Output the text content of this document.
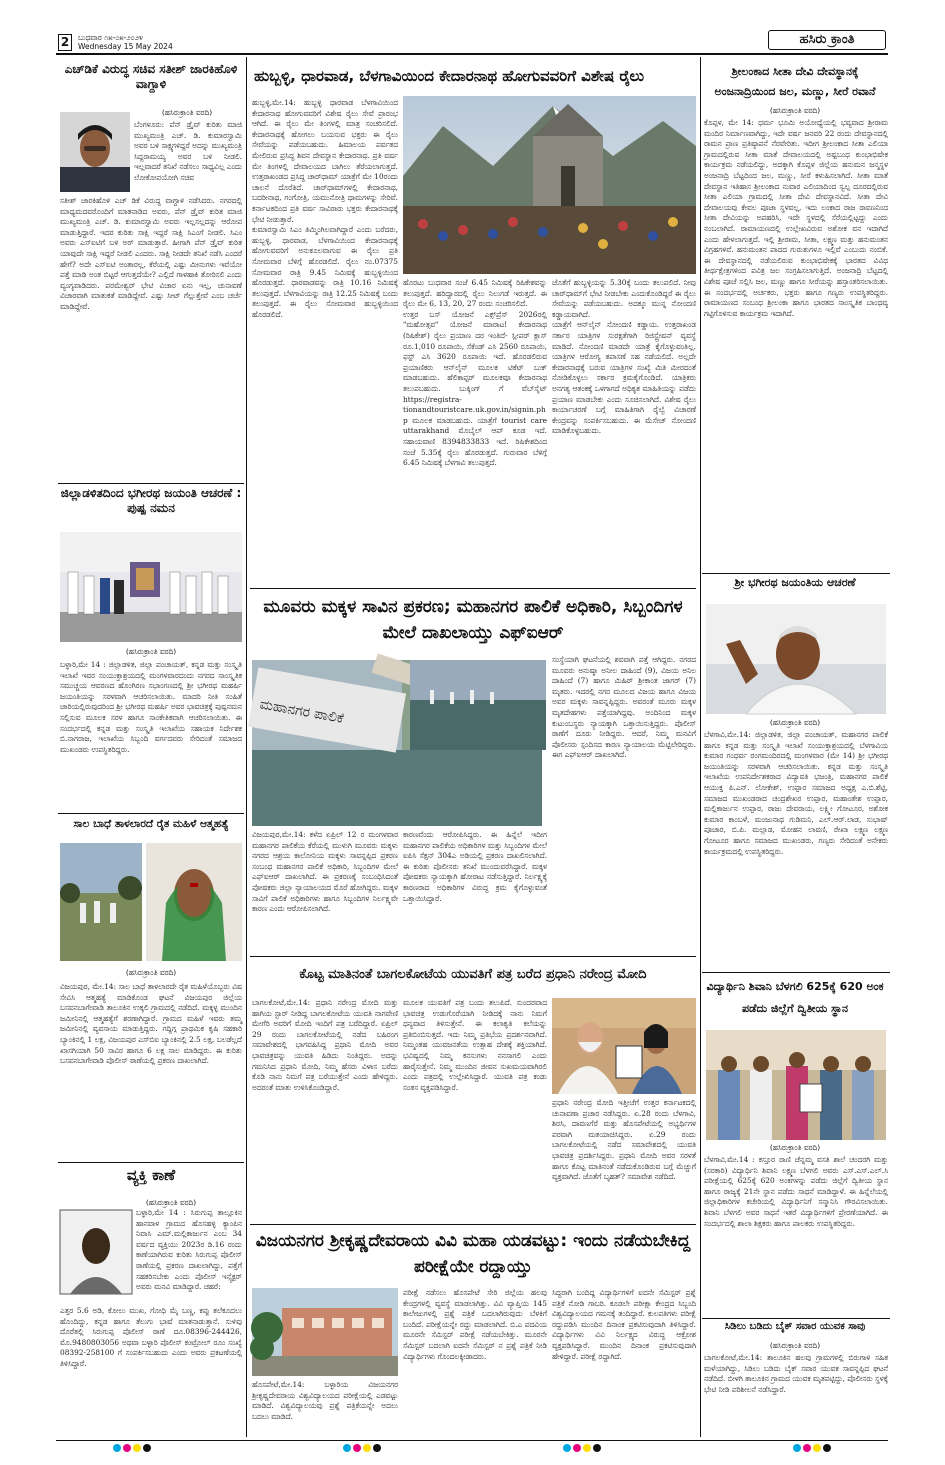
2	ಬುಧವಾರ ೧೫-೦೫-೨೦೨೪
Wednesday 15 May 2024	ಹಸಿರು ಕ್ರಾಂತಿ
ಎಚ್‌ಡಿಕೆ ವಿರುದ್ಧ ಸಚಿವ ಸತೀಶ್ ಜಾರಕಿಹೊಳಿ ವಾಗ್ದಾಳಿ
(ಹಸಿರುಕ್ರಾಂತಿ ವರದಿ)
ಬೆಂಗಳೂರು: ಪೆನ್ ಡ್ರೈವ್ ಕುರಿತು ಮಾಜಿ ಮುಖ್ಯಮಂತ್ರಿ ಎಚ್. ಡಿ. ಕುಮಾರಸ್ವಾಮಿ ಅವರ ಬಳಿ ಸಾಕ್ಷ್ಯಗಳಿದ್ದರೆ ಅದನ್ನು ಮುಖ್ಯಮಂತ್ರಿ ಸಿದ್ದರಾಮಯ್ಯ ಅವರ ಬಳಿ ನೀಡಲಿ. ಇಲ್ಲವಾದರೆ ತನಿಖೆ ನಡೆಸಲು ಸಾಧ್ಯವಿಲ್ಲ ಎಂದು ಲೋಕೋಪಯೋಗಿ ಸಚಿವ
ಸತೀಶ್ ಜಾರಕಿಹೊಳಿ ಎಚ್ ಡಿಕೆ ವಿರುದ್ಧ ವಾಗ್ದಾಳಿ ನಡೆಸಿದರು. ನಗರದಲ್ಲಿ ಮಾಧ್ಯಮದವರೊಂದಿಗೆ ಮಾತನಾಡಿದ ಅವರು, ಪೆನ್ ಡ್ರೈವ್ ಕುರಿತ ಮಾಜಿ ಮುಖ್ಯಮಂತ್ರಿ ಎಚ್. ಡಿ. ಕುಮಾರಸ್ವಾಮಿ ಅವರು ಇಲ್ಲಸಲ್ಲದನ್ನು ಆರೋಪ ಮಾಡುತ್ತಿದ್ದಾರೆ. ಇದರ ಕುರಿತು ಸಾಕ್ಷಿ ಇದ್ದರೆ ಸಾಕ್ಷಿ ಸಿಎಂಗೆ ನೀಡಲಿ. ಸಿಎಂ ಅವರು ಎಸ್ಐಟಿಗೆ ಬಳಿ ಅರ್ ಮಾಡುತ್ತಾರೆ. ಹೀಗಾಗಿ ಪೆನ್ ಡ್ರೈವ್ ಕುರಿತ ಯಾವುದೇ ಸಾಕ್ಷಿ ಇದ್ದರೆ ನೀಡಲಿ ಎಂದರು. ಸಾಕ್ಷಿ ನೀಡದೇ ತನಿಖೆ ನಡೆಸಿ ಎಂದರೆ ಹೇಗೆ? ಅದೇ ಎಸ್ಐಟಿ ಅಂತಾರಲ್ಲ, ಕೆರೆಯಲ್ಲಿ ಎಷ್ಟು ಮೀನುಗಳು ಇವೆಯೋ ಪತ್ತೆ ಮಾಡಿ ಅಂತ ಬಿಟ್ಟರೆ ಆಗುತ್ತದೆಯೇ? ಎಲ್ಲಿದೆ ಗಾಳಹಾಕಿ ತೋರಿಸಲಿ ಎಂದು ವ್ಯಂಗ್ಯವಾಡಿದರು. ಪರಮೇಶ್ವರ್ ಭೇಟಿ ವಿಚಾರ ಏನು ಇಲ್ಲ, ಚುನಾವಣೆ ವಿಚಾರವಾಗಿ ಮಾತುಕತೆ ಮಾಡಿದ್ದೇವೆ. ಎಷ್ಟು ಸೀಟ್ ಗೆಲ್ಲುತ್ತೇವೆ ಎಂಬ ಚರ್ಚೆ ಮಾಡಿದ್ದೇವೆ.
ಜಿಲ್ಲಾಡಳಿತದಿಂದ ಭಗೀರಥ ಜಯಂತಿ ಆಚರಣೆ : ಪುಷ್ಪ ನಮನ
(ಹಸಿರುಕ್ರಾಂತಿ ವರದಿ)
ಬಳ್ಳಾರಿ,ಮೇ 14 : ಜಿಲ್ಲಾಡಳಿತ, ಜಿಲ್ಲಾ ಪಂಚಾಯತ್, ಕನ್ನಡ ಮತ್ತು ಸಂಸ್ಕೃತಿ ಇಲಾಖೆ ಇವರ ಸಂಯುಕ್ತಾಶ್ರಯದಲ್ಲಿ ಮಂಗಳವಾರದಂದು ನಗರದ ಸಾಂಸ್ಕೃತಿಕ ಸಮುಚ್ಚಯ ಆವರಣದ ಹೊಂಗಿರಣ ಸಭಾಂಗಣದಲ್ಲಿ ಶ್ರೀ ಭಗೀರಥ ಮಹರ್ಷಿ ಜಯಂತಿಯನ್ನು ಸರಳವಾಗಿ ಆಚರಿಸಲಾಯಿತು. ಮಾದರಿ ನೀತಿ ಸಂಹಿತೆ ಜಾರಿಯಲ್ಲಿರುವುದರಿಂದ ಶ್ರೀ ಭಗೀರಥ ಮಹರ್ಷಿ ಅವರ ಭಾವಚಿತ್ರಕ್ಕೆ ಪುಷ್ಪನಮನ ಸಲ್ಲಿಸುವ ಮೂಲಕ ಸರಳ ಹಾಗೂ ಸಾಂಕೇತಿಕವಾಗಿ ಆಚರಿಸಲಾಯಿತು. ಈ ಸಂದರ್ಭದಲ್ಲಿ ಕನ್ನಡ ಮತ್ತು ಸಂಸ್ಕೃತಿ ಇಲಾಖೆಯ ಸಹಾಯಕ ನಿರ್ದೇಶಕ ಬಿ.ನಾಗರಾಜ, ಇಲಾಖೆಯ ಸಿಬ್ಬಂದಿ ವರ್ಗದವರು ಸೇರಿದಂತೆ ಸಮಾಜದ ಮುಖಂಡರು ಉಪಸ್ಥಿತರಿದ್ದರು.
ಸಾಲ ಬಾಧೆ ತಾಳಲಾರದೆ ರೈತ ಮಹಿಳೆ ಆತ್ಮಹತ್ಯೆ
(ಹಸಿರುಕ್ರಾಂತಿ ವರದಿ)
ವಿಜಯಪುರ, ಮೇ.14: ಸಾಲ ಬಾಧೆ ತಾಳಲಾರದೇ ರೈತ ಮಹಿಳೆಯೊಬ್ಬರು ವಿಷ ಸೇವಿಸಿ ಆತ್ಮಹತ್ಯೆ ಮಾಡಿಕೊಂಡ ಘಟನೆ ವಿಜಯಪುರ ಜಿಲ್ಲೆಯ ಬಸವನಬಾಗೇವಾಡಿ ತಾಲೂಕಿನ ಉಕ್ಕಲಿ ಗ್ರಾಮದಲ್ಲಿ ನಡೆದಿದೆ. ಮಕ್ಕಳ್ಳ ಮುಂದಿನ ಜಮೀನಿನಲ್ಲಿ ಆತ್ಮಹತ್ಯೆಗೆ ಶರಣಾಗಿದ್ದಾರೆ. ಗ್ರಾಮದ ಮಹಿಳೆ ಇವರು ತಮ್ಮ ಜಮೀನಿನಲ್ಲಿ ವ್ಯವಸಾಯ ಮಾಡುತ್ತಿದ್ದರು. ಗದ್ದಿಗ್ಗ ಪ್ರಾಥಮಿಕ ಕೃಷಿ ಸಹಕಾರಿ ಬ್ಯಾಂಕಿನಲ್ಲಿ 1 ಲಕ್ಷ, ವಿಜಯಪುರ ಎಸ್‌ಬಿಐ ಬ್ಯಾಂಕಿನಲ್ಲಿ 2.5 ಲಕ್ಷ, ಬಲಡೆಲ್ಲದೆ ಖಾಸಗಿಯಾಗಿ 50 ಸಾವಿರ ಹಾಗೂ 6 ಲಕ್ಷ ಸಾಲ ಮಾಡಿದ್ದರು. ಈ ಕುರಿತು ಬಸವನಬಾಗೇವಾಡಿ ಪೊಲೀಸ್ ಠಾಣೆಯಲ್ಲಿ ಪ್ರಕರಣ ದಾಖಲಾಗಿದೆ.
ವ್ಯಕ್ತಿ ಕಾಣೆ
(ಹಸಿರುಕ್ರಾಂತಿ ವರದಿ)
ಬಳ್ಳಾರಿ,ಮೇ 14 : ಸಿರುಗುಪ್ಪ ತಾಲ್ಲೂಕಿನ ಹಾನವಾಳ ಗ್ರಾಮದ ಹೊಸಹಳ್ಳಿ ಕ್ಯಾಂಪಿನ ನಿವಾಸಿ ಎಮ್.ಮಲ್ಲಿಕಾರ್ಜುನ ಎಂಬ 34 ವರ್ಷದ ವ್ಯಕ್ತಿಯು 2023ರ ಡಿ.16 ರಂದು ಕಾಣೆಯಾಗಿರುವ ಕುರಿತು ಸಿರುಗುಪ್ಪ ಪೊಲೀಸ್ ಠಾಣೆಯಲ್ಲಿ ಪ್ರಕರಣ ದಾಖಲಾಗಿದ್ದು, ಪತ್ತೆಗೆ ಸಹಕರಿಸಬೇಕು ಎಂದು ಪೊಲೀಸ್ ಇನ್ಸ್ಪೆಕ್ಟರ್ ಅವರು ಮನವಿ ಮಾಡಿದ್ದಾರೆ. ಚಹರೆ:
ಎತ್ತರ 5.6 ಅಡಿ, ಕೋಲು ಮುಖ, ಗೋಧಿ ಮೈ ಬಣ್ಣ, ಕಪ್ಪು ತಲೆಕೂದಲು ಹೊಂದಿದ್ದು, ಕನ್ನಡ ಹಾಗೂ ತೆಲುಗು ಭಾಷೆ ಮಾತನಾಡುತ್ತಾನೆ. ಸುಳಿವು ದೊರೆತಲ್ಲಿ ಸಿರುಗುಪ್ಪ ಪೊಲೀಸ್ ಠಾಣೆ ದೂ.08396-244426, ಮೊ.9480803056 ಅಥವಾ ಬಳ್ಳಾರಿ ಪೊಲೀಸ್ ಕಂಟ್ರೋಲ್ ರೂಂ ಸಂಖ್ಯೆ 08392-258100 ಗೆ ಸಂಪರ್ಕಿಸಬಹುದು ಎಂದು ಅವರು ಪ್ರಕಟಣೆಯಲ್ಲಿ ತಿಳಿಸಿದ್ದಾರೆ.
ಹುಬ್ಬಳ್ಳಿ, ಧಾರವಾಡ, ಬೆಳಗಾವಿಯಿಂದ ಕೇದಾರನಾಥ ಹೋಗುವವರಿಗೆ ವಿಶೇಷ ರೈಲು
ಹುಬ್ಬಳ್ಳಿ,ಮೇ.14: ಹುಬ್ಬಳ್ಳಿ ಧಾರವಾಡ ಬೆಳಗಾವಿಯಿಂದ ಕೇದಾರನಾಥ ಹೋಗುವವರಿಗೆ ವಿಶೇಷ ರೈಲು ಸೇವೆ ಪ್ರಾರಂಭ ಆಗಿದೆ. ಈ ರೈಲು ಮೇ ತಿಂಗಳಲ್ಲಿ ಮಾತ್ರ ಸಂಚರಿಸಲಿದೆ. ಕೇದಾರನಾಥಕ್ಕೆ ಹೋಗಲು ಬಯಸುವ ಭಕ್ತರು ಈ ರೈಲು ಸೇವೆಯನ್ನು ಪಡೆಯಬಹುದು. ಹಿಮಾಲಯ ಪರ್ವತದ ಮೇಲಿರುವ ಪ್ರಸಿದ್ಧ ಶಿವನ ದೇವಸ್ಥಾನ ಕೇದಾರನಾಥ. ಪ್ರತಿ ವರ್ಷ ಮೇ ತಿಂಗಳಲ್ಲಿ ದೇವಾಲಯದ ಬಾಗಿಲು ತೆರೆಯಲಾಗುತ್ತದೆ. ಉತ್ತರಾಖಂಡದ ಪ್ರಸಿದ್ಧ ಚಾರ್‌ಧಾಮ್ ಯಾತ್ರೆಗೆ ಮೇ 10ರಂದು ಚಾಲನೆ ದೊರೆತಿದೆ. ಚಾರ್‌ಧಾಮ್‌ಗಳಲ್ಲಿ ಕೇದಾರನಾಥ, ಬದರೀನಾಥ, ಗಂಗೋತ್ರಿ, ಯಮುನೋತ್ರಿ ಧಾಮಗಳನ್ನು ಸೇರಿವೆ. ಕರ್ನಾಟಕದಿಂದ ಪ್ರತಿ ವರ್ಷ ಸಾವಿರಾರು ಭಕ್ತರು ಕೇದಾರನಾಥಕ್ಕೆ ಭೇಟಿ ನೀಡುತ್ತಾರೆ.
ಕುಮಾರಸ್ವಾಮಿ ಸಿಎಂ ತಿಮ್ಮಿಂಗಿಲವಾಗಿದ್ದಾರೆ ಎಂದು ಬರೆದರು, ಹುಬ್ಬಳ್ಳಿ, ಧಾರವಾಡ, ಬೆಳಗಾವಿಯಿಂದ ಕೇದಾರನಾಥಕ್ಕೆ ಹೋಗುವವರಿಗೆ ಅನುಕೂಲವಾಗುವ ಈ ರೈಲು ಪ್ರತಿ ಸೋಮವಾರ ಬೆಳಿಗ್ಗೆ ಹೊರಡಲಿದೆ. ರೈಲು ನಂ.07375 ಸೋಮವಾರ ರಾತ್ರಿ 9.45 ನಿಮಿಷಕ್ಕೆ ಹುಬ್ಬಳ್ಳಿಯಿಂದ ಹೊರಡುತ್ತದೆ. ಧಾರವಾಡವನ್ನು ರಾತ್ರಿ 10.16 ನಿಮಿಷಕ್ಕೆ ತಲುಪುತ್ತದೆ. ಬೆಳಗಾವಿಯನ್ನು ರಾತ್ರಿ 12.25 ನಿಮಿಷಕ್ಕೆ ಬಂದು ತಲುಪುತ್ತದೆ. ಈ ರೈಲು ಸೋಮವಾರ ಹುಬ್ಬಳ್ಳಿಯಿಂದ ಹೊರಡಲಿದೆ.
ಹೊರಟು ಬುಧವಾರ ಸಂಜೆ 6.45 ನಿಮಿಷಕ್ಕೆ ರಿಷಿಕೇಶವನ್ನು ತಲುಪುತ್ತದೆ. ಹರಿದ್ವಾರದಲ್ಲಿ ರೈಲು ನಿಲುಗಡೆ ಇರುತ್ತದೆ. ಈ ರೈಲು ಮೇ 6, 13, 20, 27 ರಂದು ಸಂಚರಿಸಲಿದೆ.
ಉತ್ತರ ಬಸ್ ಯೋಜನೆ ಎಕ್ಸ್‌ಪ್ರೆಸ್ 2026ರಲ್ಲಿ "ಮಹೋತ್ಸವ" ಯೋಜನೆ ಮಾರಾಟ! ಕೇದಾರನಾಥ (ರಿಷಿಕೇಶ್) ರೈಲು ಪ್ರಯಾಣ ದರ ಇಂತಿದೆ- ಸ್ಲೀಪರ್ ಕ್ಲಾಸ್ ರೂ.1,010 ರೂಪಾಯಿ, ಸೆಕೆಂಡ್ ಎಸಿ 2560 ರೂಪಾಯಿ, ಫಸ್ಟ್ ಎಸಿ 3620 ರೂಪಾಯಿ ಇದೆ. ಹೊರಡಲಿರುವ ಪ್ರಯಾಣಿಕರು ಆನ್‌ಲೈನ್ ಮೂಲಕ ಟಿಕೆಟ್ ಬುಕ್ ಮಾಡಬಹುದು. ಹೆಲಿಕಾಪ್ಟರ್ ಮೂಲಕವೂ ಕೇದಾರನಾಥ ತಲುಪಬಹುದು. ಬುಕ್ಕಿಂಗ್ ಗೆ ವೆಬ್‌ಸೈಟ್ https://registra-tionandtouristcare.uk.gov.in/signin.php ಮೂಲಕ ಮಾಡಬಹುದು. ಯಾತ್ರೆಗೆ tourist care uttarakhand ಮೊಬೈಲ್ ಆಪ್ ಕೂಡ ಇದೆ. ಸಹಾಯವಾಣಿ 8394833833 ಇದೆ. ರಿಷಿಕೇಶದಿಂದ ಸಂಜೆ 5.35ಕ್ಕೆ ರೈಲು ಹೊರಡುತ್ತದೆ. ಗುರುವಾರ ಬೆಳಿಗ್ಗೆ 6.45 ನಿಮಿಷಕ್ಕೆ ಬೆಳಗಾವಿ ತಲುಪುತ್ತದೆ.
ಜೊತೆಗೆ ಹುಬ್ಬಳ್ಳಿಯನ್ನು 5.30ಕ್ಕೆ ಬಂದು ತಲುಪಲಿದೆ. ನೀವು ಚಾರ್‌ಧಾಮ್‌ಗೆ ಭೇಟಿ ನೀಡಬೇಕು ಎಂದುಕೊಂಡಿದ್ದರೆ ಈ ರೈಲು ಸೇವೆಯನ್ನು ಪಡೆಯಬಹುದು. ಅದಕ್ಕೂ ಮುನ್ನ ನೋಂದಣಿ ಕಡ್ಡಾಯವಾಗಿದೆ.
ಯಾತ್ರೆಗೆ ಆನ್‌ಲೈನ್ ನೋಂದಣಿ ಕಡ್ಡಾಯ. ಉತ್ತರಾಖಂಡ ಸರ್ಕಾರ ಯಾತ್ರಿಗಳ ಸುರಕ್ಷತೆಗಾಗಿ ರಿಜಿಸ್ಟ್ರೇಷನ್ ವ್ಯವಸ್ಥೆ ಮಾಡಿದೆ. ನೋಂದಣಿ ಮಾಡದೇ ಯಾತ್ರೆ ಕೈಗೊಳ್ಳುವಂತಿಲ್ಲ. ಯಾತ್ರಿಗಳ ಆರೋಗ್ಯ ತಪಾಸಣೆ ಸಹ ನಡೆಯಲಿದೆ. ಅಲ್ಲದೇ ಕೇದಾರನಾಥಕ್ಕೆ ಬರುವ ಯಾತ್ರಿಗಳ ಸಂಖ್ಯೆ ಮಿತಿ ಮೀರದಂತೆ ನೋಡಿಕೊಳ್ಳಲು ಸರ್ಕಾರ ಕ್ರಮಕೈಗೊಂಡಿದೆ. ಯಾತ್ರಿಕರು ಅನಗತ್ಯ ಆತಂಕಕ್ಕೆ ಒಳಗಾಗದೆ ಅಧಿಕೃತ ಮಾಹಿತಿಯನ್ನು ಪಡೆದು ಪ್ರಯಾಣ ಮಾಡಬೇಕು ಎಂದು ಸೂಚಿಸಲಾಗಿದೆ. ವಿಶೇಷ ರೈಲು ಕಾರ್ಯಾಚರಣೆ ಬಗ್ಗೆ ಮಾಹಿತಿಗಾಗಿ ರೈಲ್ವೆ ವಿಚಾರಣೆ ಕೇಂದ್ರವನ್ನು ಸಂಪರ್ಕಿಸಬಹುದು. ಈ ಮೆಸೇಜ್ ನೋಂದಣಿ ಮಾಡಿಕೊಳ್ಳಬಹುದು.
ಮೂವರು ಮಕ್ಕಳ ಸಾವಿನ ಪ್ರಕರಣ; ಮಹಾನಗರ ಪಾಲಿಕೆ ಅಧಿಕಾರಿ, ಸಿಬ್ಬಂದಿಗಳ ಮೇಲೆ ದಾಖಲಾಯ್ತು ಎಫ್‌ಐಆರ್
ಮಹಾನಗರ ಪಾಲಿಕೆ
ವಿಜಯಪುರ,ಮೇ.14: ಕಳೆದ ಏಪ್ರಿಲ್ 12 ರ ಮಂಗಳವಾರ ಮಹಾನಗರ ಪಾಲಿಕೆಯ ಕೆರೆಯಲ್ಲಿ ಮುಳುಗಿ ಮೂವರು ಮಕ್ಕಳು ನಗರದ ಆಶ್ರಯ ಕಾಲೋನಿಯ ಮಕ್ಕಳು ಸಾವನ್ನಪ್ಪಿದ ಪ್ರಕರಣ ಸಂಬಂಧ ಮಹಾನಗರ ಪಾಲಿಕೆ ಅಧಿಕಾರಿ, ಸಿಬ್ಬಂದಿಗಳ ಮೇಲೆ ಎಫ್‌ಐಆರ್ ದಾಖಲಾಗಿದೆ. ಈ ಪ್ರಕರಣಕ್ಕೆ ಸಂಬಂಧಿಸಿದಂತೆ ಪೋಷಕರು ಜಿಲ್ಲಾ ನ್ಯಾಯಾಲಯದ ಮೊರೆ ಹೋಗಿದ್ದರು. ಮಕ್ಕಳ ಸಾವಿಗೆ ಪಾಲಿಕೆ ಅಧಿಕಾರಿಗಳು ಹಾಗೂ ಸಿಬ್ಬಂದಿಗಳ ನಿರ್ಲಕ್ಷ್ಯವೇ ಕಾರಣ ಎಂದು ಆರೋಪಿಸಲಾಗಿದೆ.
ಕಾರಣವೆಂದು ಆರೋಪಿಸಿದ್ದರು. ಈ ಹಿನ್ನೆಲೆ ಇದೀಗ ಮಹಾನಗರ ಪಾಲಿಕೆಯ ಅಧಿಕಾರಿಗಳ ಮತ್ತು ಸಿಬ್ಬಂದಿಗಳ ಮೇಲೆ ಐಪಿಸಿ ಸೆಕ್ಷನ್ 304ಎ ಅಡಿಯಲ್ಲಿ ಪ್ರಕರಣ ದಾಖಲಿಸಲಾಗಿದೆ. ಈ ಕುರಿತು ಪೊಲೀಸರು ತನಿಖೆ ಮುಂದುವರೆಸಿದ್ದಾರೆ. ಮಕ್ಕಳ ಪೋಷಕರು ನ್ಯಾಯಕ್ಕಾಗಿ ಹೋರಾಟ ನಡೆಸುತ್ತಿದ್ದಾರೆ. ನಿರ್ಲಕ್ಷ್ಯಕ್ಕೆ ಕಾರಣರಾದ ಅಧಿಕಾರಿಗಳ ವಿರುದ್ಧ ಕ್ರಮ ಕೈಗೊಳ್ಳುವಂತೆ ಒತ್ತಾಯಿಸಿದ್ದಾರೆ.
ಸಂಸ್ಥೆಯಾಗಿ ಘಟನೆಯಲ್ಲಿ ಶವವಾಗಿ ಪತ್ತೆ ಆಗಿದ್ದರು. ನಗರದ ಮೂವರು ಅನುಷ್ಕಾ ಅನೀಲ ದಾಹಿಂದೆ (9), ವಿಜಯ ಅನಿಲ ದಾಹಿಂದೆ (7) ಹಾಗೂ ಮಿಹಿರ್ ಶ್ರೀಕಾಂತ ಜಾಗರ್ (7) ಮೃತರು. ಇದರಲ್ಲಿ ನಗರ ಮೂಲದ ವಿಜಯ ಹಾಗೂ ವಿಜಯ ಅವರ ಮಕ್ಕಳು ಸಾವನ್ನಪ್ಪಿದ್ದರು. ಅವರಂತೆ ಮೂರು ಮಕ್ಕಳ ಮೃತದೇಹಗಳು ಪತ್ತೆಯಾಗಿದ್ದವು. ಅಂದಿನಿಂದ ಮಕ್ಕಳ ಕುಟುಂಬಸ್ಥರು ನ್ಯಾಯಕ್ಕಾಗಿ ಒತ್ತಾಯಿಸುತ್ತಿದ್ದರು. ಪೊಲೀಸ್ ಠಾಣೆಗೆ ದೂರು ನೀಡಿದ್ದರು. ಆದರೆ, ನಿಮ್ಮ ಮನವಿಗೆ ಪೊಲೀಸರು ಸ್ಪಂದಿಸದ ಕಾರಣ ನ್ಯಾಯಾಲಯ ಮೆಟ್ಟಿಲೇರಿದ್ದರು. ಈಗ ಎಫ್‌ಐಆರ್ ದಾಖಲಾಗಿದೆ.
ಕೊಟ್ಟ ಮಾತಿನಂತೆ ಬಾಗಲಕೋಟೆಯ ಯುವತಿಗೆ ಪತ್ರ ಬರೆದ ಪ್ರಧಾನಿ ನರೇಂದ್ರ ಮೋದಿ
ಬಾಗಲಕೋಟೆ,ಮೇ.14: ಪ್ರಧಾನಿ ನರೇಂದ್ರ ಮೋದಿ ಮತ್ತು ಹಾಗಿಯ ಸ್ಟಾರ್ ನೀಡಿದ್ದ ಬಾಗಲಕೋಟೆಯ ಯುವತಿ ನಾಗವೇಣಿ ಮೇಗೆರಿ ಅವರಿಗೆ ಮೋದಿ ಇಂದಿಗೆ ಪತ್ರ ಬರೆದಿದ್ದಾರೆ. ಏಪ್ರಿಲ್ 29 ರಂದು ಬಾಗಲಕೋಟೆಯಲ್ಲಿ ನಡೆದ ಬಹಿರಂಗ ಸಮಾವೇಶದಲ್ಲಿ ಭಾಗವಹಿಸಿದ್ದ ಪ್ರಧಾನಿ ಮೋದಿ ಅವರ ಭಾವಚಿತ್ರವನ್ನು ಯುವತಿ ಹಿಡಿದು ನಿಂತಿದ್ದರು. ಅದನ್ನು ಗಮನಿಸಿದ ಪ್ರಧಾನಿ ಮೋದಿ, ನಿಮ್ಮ ಹೆಸರು ವಿಳಾಸ ಬರೆದು ಕೊಡಿ ನಾನು ನಿಮಗೆ ಪತ್ರ ಬರೆಯುತ್ತೇನೆ ಎಂದು ಹೇಳಿದ್ದರು. ಅದರಂತೆ ಮಾತು ಉಳಿಸಿಕೊಂಡಿದ್ದಾರೆ.
ಮೂಲಕ ಯುವತಿಗೆ ಪತ್ರ ಬಂದು ತಲುಪಿದೆ. ಸುಂದರವಾದ ಭಾವಚಿತ್ರ ಉಡುಗೊರೆಯಾಗಿ ನೀಡಿದಕ್ಕೆ ನಾನು ನಿಮಗೆ ಧನ್ಯವಾದ ತಿಳಿಸುತ್ತೇನೆ. ಈ ಕಲಾಕೃತಿ ಕಲೆಯನ್ನು ಪ್ರತಿಬಿಂಬಿಸುತ್ತದೆ. ಇದು ನಿಮ್ಮ ಪ್ರತಿಭೆಯ ಪ್ರದರ್ಶನವಾಗಿದೆ. ನಿಮ್ಮಂತಹ ಯುವಜನತೆಯ ಉತ್ಸಾಹ ದೇಶಕ್ಕೆ ಶಕ್ತಿಯಾಗಿದೆ. ಭವಿಷ್ಯದಲ್ಲಿ ನಿಮ್ಮ ಕನಸುಗಳು ನನಸಾಗಲಿ ಎಂದು ಹಾರೈಸುತ್ತೇನೆ. ನಿಮ್ಮ ಮುಂದಿನ ಜೀವನ ಸುಖಮಯವಾಗಿರಲಿ ಎಂದು ಪತ್ರದಲ್ಲಿ ಉಲ್ಲೇಖಿಸಿದ್ದಾರೆ. ಯುವತಿ ಪತ್ರ ಕಂಡು ಸಂತಸ ವ್ಯಕ್ತಪಡಿಸಿದ್ದಾರೆ.
ಪ್ರಧಾನಿ ನರೇಂದ್ರ ಮೋದಿ ಇತ್ತೀಚೆಗೆ ಉತ್ತರ ಕರ್ನಾಟಕದಲ್ಲಿ ಚುನಾವಣಾ ಪ್ರಚಾರ ನಡೆಸಿದ್ದರು. ಏ.28 ರಂದು ಬೆಳಗಾವಿ, ಶಿರಸಿ, ದಾವಣಗೆರೆ ಮತ್ತು ಹೊಸಪೇಟೆಯಲ್ಲಿ ಅಭ್ಯರ್ಥಿಗಳ ಪರವಾಗಿ ಮತಯಾಚಿಸಿದ್ದರು. ಏ.29 ರಂದು ಬಾಗಲಕೋಟೆಯಲ್ಲಿ ನಡೆದ ಸಮಾವೇಶದಲ್ಲಿ ಯುವತಿ ಭಾವಚಿತ್ರ ಪ್ರದರ್ಶಿಸಿದ್ದರು. ಪ್ರಧಾನಿ ಮೋದಿ ಅವರ ಸರಳತೆ ಹಾಗೂ ಕೊಟ್ಟ ಮಾತಿನಂತೆ ನಡೆದುಕೊಂಡಿರುವ ಬಗ್ಗೆ ಮೆಚ್ಚುಗೆ ವ್ಯಕ್ತವಾಗಿದೆ. ಜೊತೆಗೆ ಬೃಹತ್? ಸಮಾವೇಶ ನಡೆದಿದೆ.
ವಿಜಯನಗರ ಶ್ರೀಕೃಷ್ಣದೇವರಾಯ ವಿವಿ ಮಹಾ ಯಡವಟ್ಟು: ಇಂದು ನಡೆಯಬೇಕಿದ್ದ ಪರೀಕ್ಷೆಯೇ ರದ್ದಾಯ್ತು
ಹೊಸಪೇಟೆ,ಮೇ.14: ಬಳ್ಳಾರಿಯ ವಿಜಯನಗರ ಶ್ರೀಕೃಷ್ಣದೇವರಾಯ ವಿಶ್ವವಿದ್ಯಾಲಯದ ಪರೀಕ್ಷೆಯಲ್ಲಿ ಎಡವಟ್ಟು ಮಾಡಿದೆ. ವಿಶ್ವವಿದ್ಯಾಲಯವು ಪ್ರಶ್ನೆ ಪತ್ರಿಕೆಯನ್ನೇ ಅದಲು ಬದಲು ಮಾಡಿದೆ.
ಪರೀಕ್ಷೆ ನಡೆಸಲು ಹೊಸಪೇಟೆ ಸೇರಿ ಜಿಲ್ಲೆಯ ಹಲವು ಕೇಂದ್ರಗಳಲ್ಲಿ ವ್ಯವಸ್ಥೆ ಮಾಡಲಾಗಿತ್ತು. ವಿವಿ ವ್ಯಾಪ್ತಿಯ 145 ಕಾಲೇಜುಗಳಲ್ಲಿ ಪ್ರಶ್ನೆ ಪತ್ರಿಕೆ ಬದಲಾಗಿರುವುದು ಬೆಳಕಿಗೆ ಬಂದಿದೆ. ಪರೀಕ್ಷೆಯನ್ನೇ ರದ್ದು ಮಾಡಲಾಗಿದೆ. ಬಿ.ಎ ಪದವಿಯ ಮೂರನೇ ಸೆಮಿಸ್ಟರ್ ಪರೀಕ್ಷೆ ನಡೆಯಬೇಕಿತ್ತು. ಮೂರನೇ ಸೆಮಿಸ್ಟರ್ ಬದಲಾಗಿ ಐದನೇ ಸೆಮಿಸ್ಟರ್ ನ ಪ್ರಶ್ನೆ ಪತ್ರಿಕೆ ನೀಡಿ ವಿದ್ಯಾರ್ಥಿಗಳು ಗೊಂದಲಕ್ಕೀಡಾದರು.
ಸಿದ್ಧರಾಗಿ ಬಂದಿದ್ದ ವಿದ್ಯಾರ್ಥಿಗಳಿಗೆ ಐದನೇ ಸೆಮಿಸ್ಟರ್ ಪ್ರಶ್ನೆ ಪತ್ರಿಕೆ ನೋಡಿ ಗಾಬರಿ. ಕೂಡಲೇ ಪರೀಕ್ಷಾ ಕೇಂದ್ರದ ಸಿಬ್ಬಂದಿ ವಿಶ್ವವಿದ್ಯಾಲಯದ ಗಮನಕ್ಕೆ ತಂದಿದ್ದಾರೆ. ಕುಲಪತಿಗಳು ಪರೀಕ್ಷೆ ರದ್ದುಪಡಿಸಿ ಮುಂದಿನ ದಿನಾಂಕ ಪ್ರಕಟಿಸುವುದಾಗಿ ತಿಳಿಸಿದ್ದಾರೆ. ವಿದ್ಯಾರ್ಥಿಗಳು ವಿವಿ ನಿರ್ಲಕ್ಷ್ಯದ ವಿರುದ್ಧ ಆಕ್ರೋಶ ವ್ಯಕ್ತಪಡಿಸಿದ್ದಾರೆ. ಮುಂದಿನ ದಿನಾಂಕ ಪ್ರಕಟಿಸುವುದಾಗಿ ಹೇಳಿದ್ದಾರೆ. ಪರೀಕ್ಷೆ ರದ್ದಾಗಿದೆ.
ಶ್ರೀಲಂಕಾದ ಸೀತಾ ದೇವಿ ದೇವಸ್ಥಾನಕ್ಕೆ ಅಂಜನಾದ್ರಿಯಿಂದ ಜಲ, ಮಣ್ಣು, ಸೀರೆ ರವಾನೆ
(ಹಸಿರುಕ್ರಾಂತಿ ವರದಿ)
ಕೊಪ್ಪಳ, ಮೇ 14: ಧರ್ಮ ಭೂಮಿ ಅಯೋಧ್ಯೆಯಲ್ಲಿ ಭವ್ಯವಾದ ಶ್ರೀರಾಮ ಮಂದಿರ ನಿರ್ಮಾಣವಾಗಿದ್ದು, ಇದೇ ವರ್ಷ ಜನವರಿ 22 ರಂದು ದೇವಸ್ಥಾನದಲ್ಲಿ ರಾಮನ ಪ್ರಾಣ ಪ್ರತಿಷ್ಠಾಪನೆ ನೆರವೇರಿತು. ಇದೀಗ ಶ್ರೀಲಂಕಾದ ಸೀತಾ ಎಲಿಯಾ ಗ್ರಾಮದಲ್ಲಿರುವ ಸೀತಾ ಮಾತೆ ದೇವಾಲಯದಲ್ಲಿ ಅಷ್ಟಬಂಧ ಕುಂಭಾಭಿಷೇಕ ಕಾರ್ಯಕ್ರಮ ನಡೆಯಲಿದ್ದು, ಅದಕ್ಕಾಗಿ ಕೊಪ್ಪಳ ಜಿಲ್ಲೆಯ ಹನುಮನ ಜನ್ಮಸ್ಥಳ ಅಂಜನಾದ್ರಿ ಬೆಟ್ಟದಿಂದ ಜಲ, ಮಣ್ಣು, ಸೀರೆ ಕಳುಹಿಸಲಾಗಿದೆ. ಸೀತಾ ಮಾತೆ ದೇವಸ್ಥಾನ ಇತಿಹಾಸ ಶ್ರೀಲಂಕಾದ ನುವಾರ ಎಲಿಯಾದಿಂದ ಸ್ವಲ್ಪ ದೂರದಲ್ಲಿರುವ ಸೀತಾ ಎಲಿಯಾ ಗ್ರಾಮದಲ್ಲಿ ಸೀತಾ ದೇವಿ ದೇವಸ್ಥಾನವಿದೆ. ಸೀತಾ ದೇವಿ ದೇವಾಲಯವು ಕೇವಲ ಪೂಜಾ ಸ್ಥಳವಲ್ಲ, ಇದು ಲಂಕಾದ ರಾಜ ರಾವಣನಿಂದ ಸೀತಾ ದೇವಿಯನ್ನು ಅಪಹರಿಸಿ, ಇದೇ ಸ್ಥಳದಲ್ಲಿ ಸೆರೆಯಲ್ಲಿಟ್ಟದ್ದು ಎಂದು ನಂಬಲಾಗಿದೆ. ರಾಮಾಯಣದಲ್ಲಿ ಉಲ್ಲೇಖವಿರುವ ಅಶೋಕ ವನ ಇದಾಗಿದೆ ಎಂದು ಹೇಳಲಾಗುತ್ತದೆ. ಇಲ್ಲಿ ಶ್ರೀರಾಮ, ಸೀತಾ, ಲಕ್ಷ್ಮಣ ಮತ್ತು ಹನುಮಂತನ ವಿಗ್ರಹಗಳಿವೆ. ಹನುಮಂತನ ಪಾದದ ಗುರುತುಗಳೂ ಇಲ್ಲಿವೆ ಎಂಬುದು ನಂಬಿಕೆ. ಈ ದೇವಸ್ಥಾನದಲ್ಲಿ ನಡೆಯಲಿರುವ ಕುಂಭಾಭಿಷೇಕಕ್ಕೆ ಭಾರತದ ವಿವಿಧ ತೀರ್ಥಕ್ಷೇತ್ರಗಳಿಂದ ಪವಿತ್ರ ಜಲ ಸಂಗ್ರಹಿಸಲಾಗುತ್ತಿದೆ. ಅಂಜನಾದ್ರಿ ಬೆಟ್ಟದಲ್ಲಿ ವಿಶೇಷ ಪೂಜೆ ಸಲ್ಲಿಸಿ ಜಲ, ಮಣ್ಣು ಹಾಗೂ ಸೀರೆಯನ್ನು ಹಸ್ತಾಂತರಿಸಲಾಯಿತು. ಈ ಸಂದರ್ಭದಲ್ಲಿ ಅರ್ಚಕರು, ಭಕ್ತರು ಹಾಗೂ ಗಣ್ಯರು ಉಪಸ್ಥಿತರಿದ್ದರು. ರಾಮಾಯಣದ ಸಂಬಂಧ ಶ್ರೀಲಂಕಾ ಹಾಗೂ ಭಾರತದ ಸಾಂಸ್ಕೃತಿಕ ಬಾಂಧವ್ಯ ಗಟ್ಟಿಗೊಳಿಸುವ ಕಾರ್ಯಕ್ರಮ ಇದಾಗಿದೆ.
ಶ್ರೀ ಭಗೀರಥ ಜಯಂತಿಯ ಆಚರಣೆ
(ಹಸಿರುಕ್ರಾಂತಿ ವರದಿ)
ಬೆಳಗಾವಿ,ಮೇ.14: ಜಿಲ್ಲಾಡಳಿತ, ಜಿಲ್ಲಾ ಪಂಚಾಯತ್, ಮಹಾನಗರ ಪಾಲಿಕೆ ಹಾಗೂ ಕನ್ನಡ ಮತ್ತು ಸಂಸ್ಕೃತಿ ಇಲಾಖೆ ಸಂಯುಕ್ತಾಶ್ರಯದಲ್ಲಿ ಬೆಳಗಾವಿಯ ಕುಮಾರ ಗಂಧರ್ವ ರಂಗಮಂದಿರದಲ್ಲಿ ಮಂಗಳವಾರ (ಮೇ 14) ಶ್ರೀ ಭಗೀರಥ ಜಯಂತಿಯನ್ನು ಸರಳವಾಗಿ ಆಚರಿಸಲಾಯಿತು. ಕನ್ನಡ ಮತ್ತು ಸಂಸ್ಕೃತಿ ಇಲಾಖೆಯ ಉಪನಿರ್ದೇಶಕರಾದ ವಿದ್ಯಾವತಿ ಭಜಂತ್ರಿ, ಮಹಾನಗರ ಪಾಲಿಕೆ ಆಯುಕ್ತ ಪಿ.ಎನ್. ಲೋಕೇಶ್, ಉಪ್ಪಾರ ಸಮಾಜದ ಅಧ್ಯಕ್ಷ ಎ.ಬಿ.ಶೆಟ್ಟಿ, ಸಮಾಜದ ಮುಖಂಡರಾದ ಚಂದ್ರಶೇಖರ ಉಪ್ಪಾರ, ಮಹಾಂತೇಶ ಉಪ್ಪಾರ, ಮಲ್ಲಿಕಾರ್ಜುನ ಉಪ್ಪಾರ, ರಾಜು ದೇವರಾಯ, ಲಕ್ಷ್ಮೀ ಗೋಟೂರ, ಅಶೋಕ ಕುಮಾರ ಕಾಂಬಳೆ, ಮಂಜುನಾಥ ಗುಡಿಮನಿ, ಎಲ್.ಆರ್.ಲಾಡ, ಸುಭಾಷ್ ಪೂಜಾರ, ಬಿ.ಪಿ. ಮಲ್ಲಾಡ, ಮೋಹನ ಲಾವಣಿ, ರೇಖಾ ಲಕ್ಷ್ಮಣ ಲಕ್ಷ್ಮಣ ಗೋಟೂರ ಹಾಗೂ ಸಮಾಜದ ಮುಖಂಡರು, ಗಣ್ಯರು ಸೇರಿದಂತೆ ಅನೇಕರು ಕಾರ್ಯಕ್ರಮದಲ್ಲಿ ಉಪಸ್ಥಿತರಿದ್ದರು.
ವಿದ್ಯಾರ್ಥಿನಿ ಶಿವಾನಿ ಬೆಳಗಲಿ 625ಕ್ಕೆ 620 ಅಂಕ ಪಡೆದು ಜಿಲ್ಲೆಗೆ ದ್ವಿತೀಯ ಸ್ಥಾನ
(ಹಸಿರುಕ್ರಾಂತಿ ವರದಿ)
ಬೆಳಗಾವಿ,ಮೇ.14 : ಕಸ್ತೂರ ರಾಣಿ ಚೆನ್ನಮ್ಮ ವಸತಿ ಶಾಲೆ ಚಂದರಗಿ ಮತ್ತು (ಸರಕಾರಿ) ವಿದ್ಯಾರ್ಥಿನಿ ಶಿವಾನಿ ಲಕ್ಷ್ಮಣ ಬೆಳಗಲಿ ಅವರು ಎಸ್.ಎಸ್.ಎಲ್.ಸಿ ಪರೀಕ್ಷೆಯಲ್ಲಿ 625ಕ್ಕೆ 620 ಅಂಕಗಳನ್ನು ಪಡೆದು ಜಿಲ್ಲೆಗೆ ದ್ವಿತೀಯ ಸ್ಥಾನ ಹಾಗೂ ರಾಜ್ಯಕ್ಕೆ 21ನೇ ಸ್ಥಾನ ಪಡೆದು ಸಾಧನೆ ಮಾಡಿದ್ದಾಳೆ. ಈ ಹಿನ್ನೆಲೆಯಲ್ಲಿ ಜಿಲ್ಲಾಧಿಕಾರಿಗಳ ಕಚೇರಿಯಲ್ಲಿ ವಿದ್ಯಾರ್ಥಿನಿಗೆ ಸನ್ಮಾನಿಸಿ ಗೌರವಿಸಲಾಯಿತು. ಶಿವಾನಿ ಬೆಳಗಲಿ ಅವರ ಸಾಧನೆ ಇತರೆ ವಿದ್ಯಾರ್ಥಿಗಳಿಗೆ ಪ್ರೇರಣೆಯಾಗಿದೆ. ಈ ಸಂದರ್ಭದಲ್ಲಿ ಶಾಲಾ ಶಿಕ್ಷಕರು ಹಾಗೂ ಪಾಲಕರು ಉಪಸ್ಥಿತರಿದ್ದರು.
ಸಿಡಿಲು ಬಡಿದು ಬೈಕ್ ಸವಾರ ಯುವಕ ಸಾವು
(ಹಸಿರುಕ್ರಾಂತಿ ವರದಿ)
ಬಾಗಲಕೋಟೆ,ಮೇ.14: ತಾಲೂಕಿನ ಹಲವು ಗ್ರಾಮಗಳಲ್ಲಿ ಬಿರುಗಾಳಿ ಸಹಿತ ಮಳೆಯಾಗಿದ್ದು, ಸಿಡಿಲು ಬಡಿದು ಬೈಕ್ ಸವಾರ ಯುವಕ ಸಾವನ್ನಪ್ಪಿದ ಘಟನೆ ನಡೆದಿದೆ. ಬೀಳಗಿ ತಾಲೂಕಿನ ಗ್ರಾಮದ ಯುವಕ ಮೃತಪಟ್ಟಿದ್ದು, ಪೊಲೀಸರು ಸ್ಥಳಕ್ಕೆ ಭೇಟಿ ನೀಡಿ ಪರಿಶೀಲನೆ ನಡೆಸಿದ್ದಾರೆ.
